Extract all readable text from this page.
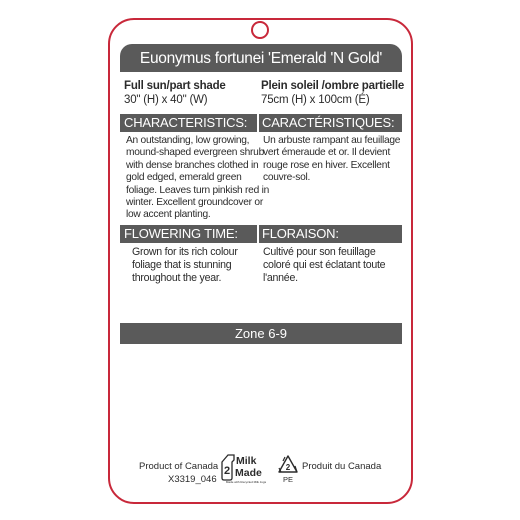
Euonymus fortunei 'Emerald 'N Gold'
Full sun/part shade
30" (H) x 40" (W)
Plein soleil /ombre partielle
75cm (H) x 100cm (É)
CHARACTERISTICS: CARACTÉRISTIQUES:
An outstanding, low growing,
mound-shaped evergreen shrub
with dense branches clothed in
gold edged, emerald green
foliage. Leaves turn pinkish red in
winter. Excellent groundcover or
low accent planting.
Un arbuste rampant au feuillage
vert émeraude et or. Il devient
rouge rose en hiver. Excellent
couvre-sol.
FLOWERING TIME: FLORAISON:
Grown for its rich colour
foliage that is stunning
throughout the year.
Cultivé pour son feuillage
coloré qui est éclatant toute
l'année.
Zone 6-9
Product of Canada
X3319_046
Produit du Canada
2
Milk
Made
Made with Recycled Milk Jugs
2
PE
